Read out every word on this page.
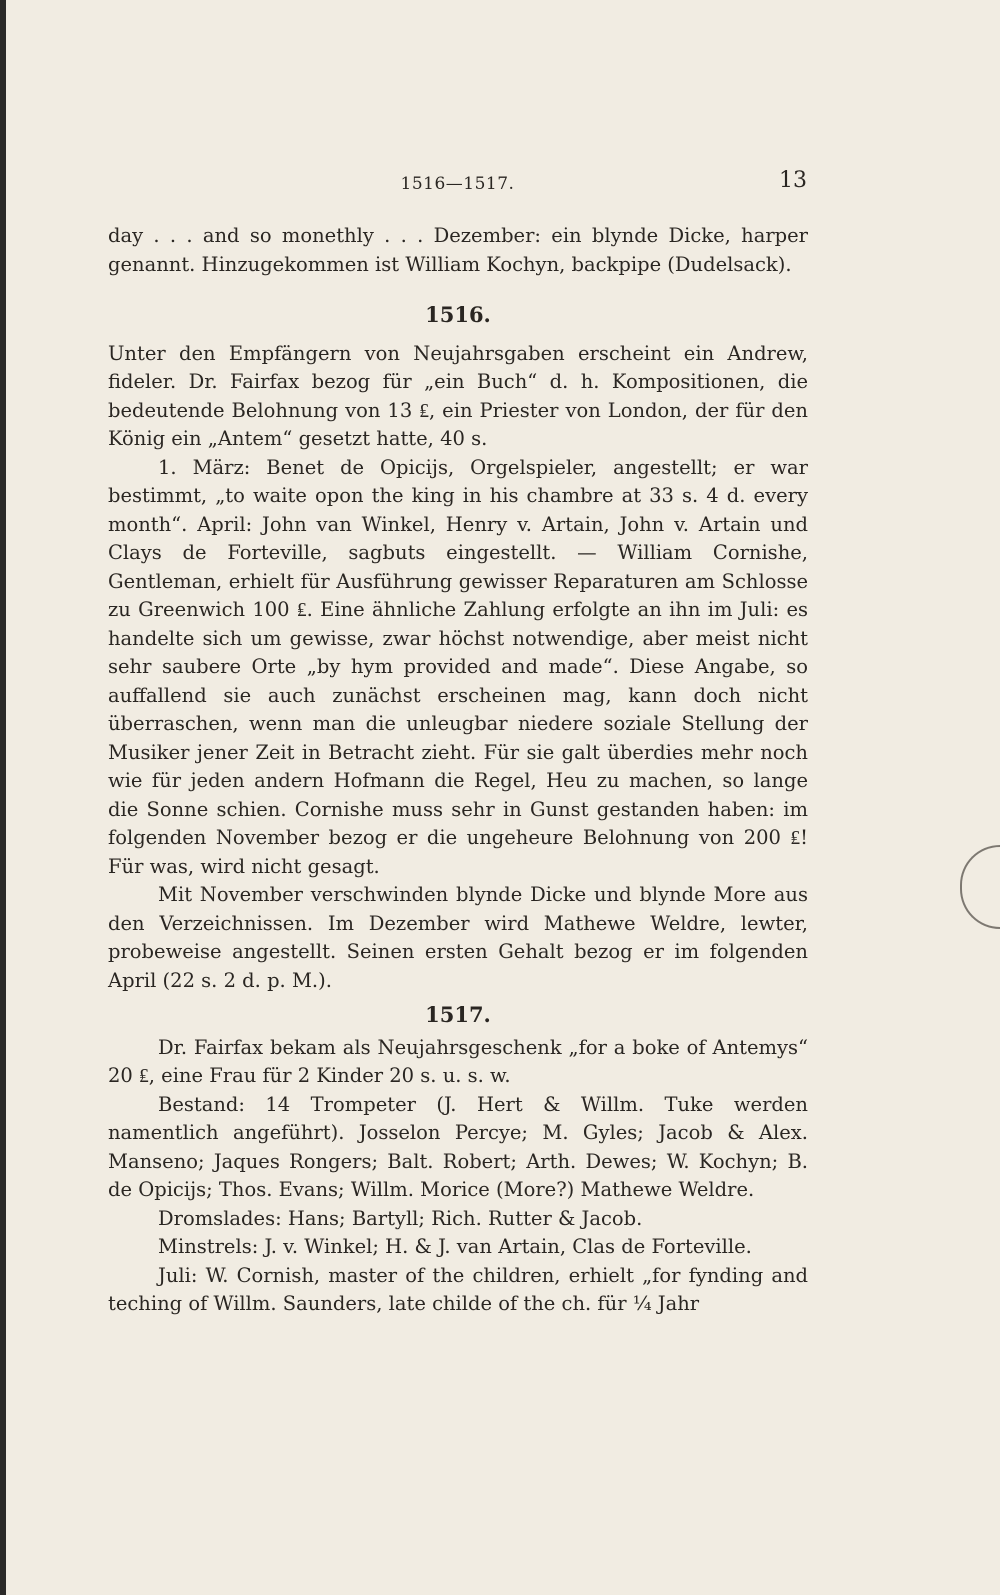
1516—1517.	13

day . . . and so monethly . . . Dezember: ein blynde Dicke, harper genannt. Hinzugekommen ist William Kochyn, backpipe (Dudelsack).

1516.

Unter den Empfängern von Neujahrsgaben erscheint ein Andrew, fideler. Dr. Fairfax bezog für „ein Buch“ d. h. Kompositionen, die bedeutende Belohnung von 13 ₤, ein Priester von London, der für den König ein „Antem“ gesetzt hatte, 40 s.

1. März: Benet de Opicijs, Orgelspieler, angestellt; er war bestimmt, „to waite opon the king in his chambre at 33 s. 4 d. every month“. April: John van Winkel, Henry v. Artain, John v. Artain und Clays de Forteville, sagbuts eingestellt. — William Cornishe, Gentleman, erhielt für Ausführung gewisser Reparaturen am Schlosse zu Greenwich 100 ₤. Eine ähnliche Zahlung erfolgte an ihn im Juli: es handelte sich um gewisse, zwar höchst notwendige, aber meist nicht sehr saubere Orte „by hym provided and made“. Diese Angabe, so auffallend sie auch zunächst erscheinen mag, kann doch nicht überraschen, wenn man die unleugbar niedere soziale Stellung der Musiker jener Zeit in Betracht zieht. Für sie galt überdies mehr noch wie für jeden andern Hofmann die Regel, Heu zu machen, so lange die Sonne schien. Cornishe muss sehr in Gunst gestanden haben: im folgenden November bezog er die ungeheure Belohnung von 200 ₤! Für was, wird nicht gesagt.

Mit November verschwinden blynde Dicke und blynde More aus den Verzeichnissen. Im Dezember wird Mathewe Weldre, lewter, probeweise angestellt. Seinen ersten Gehalt bezog er im folgenden April (22 s. 2 d. p. M.).

1517.

Dr. Fairfax bekam als Neujahrsgeschenk „for a boke of Antemys“ 20 ₤, eine Frau für 2 Kinder 20 s. u. s. w.

Bestand: 14 Trompeter (J. Hert & Willm. Tuke werden namentlich angeführt). Josselon Percye; M. Gyles; Jacob & Alex. Manseno; Jaques Rongers; Balt. Robert; Arth. Dewes; W. Kochyn; B. de Opicijs; Thos. Evans; Willm. Morice (More?) Mathewe Weldre.

Dromslades: Hans; Bartyll; Rich. Rutter & Jacob.

Minstrels: J. v. Winkel; H. & J. van Artain, Clas de Forteville.

Juli: W. Cornish, master of the children, erhielt „for fynding and teching of Willm. Saunders, late childe of the ch. für ¼ Jahr
